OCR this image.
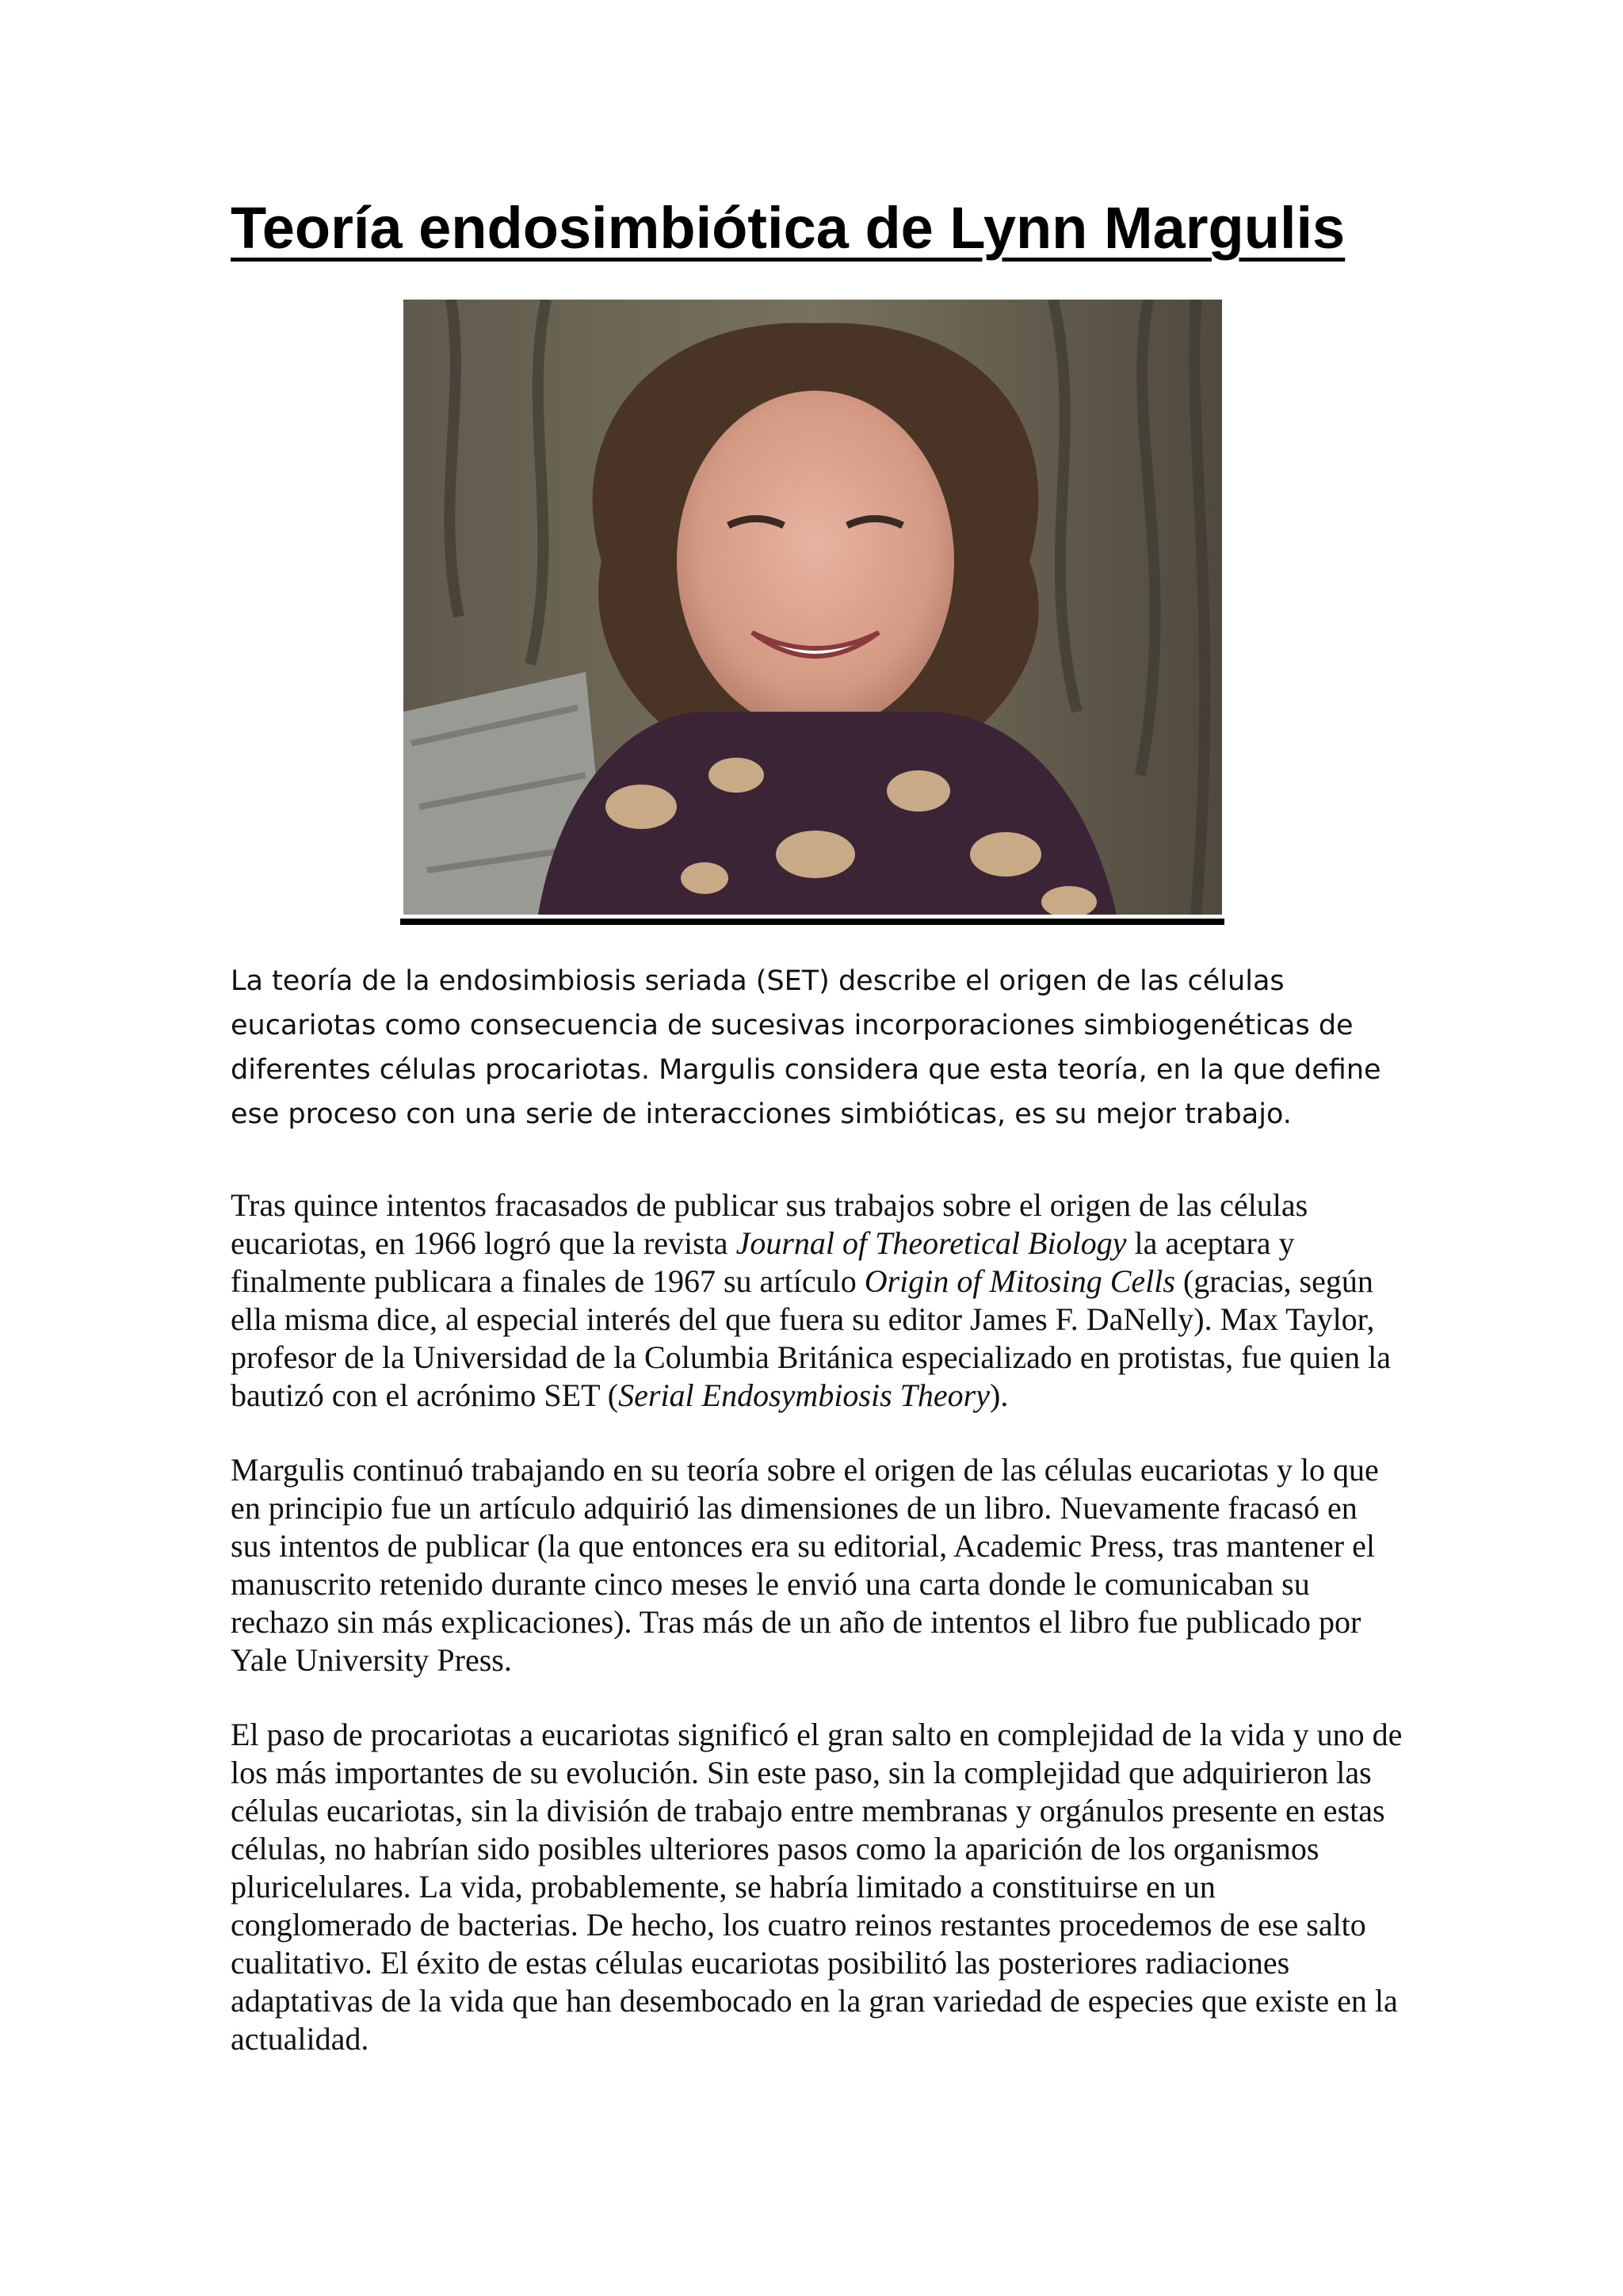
Teoría endosimbiótica de Lynn Margulis

La teoría de la endosimbiosis seriada (SET) describe el origen de las células eucariotas como consecuencia de sucesivas incorporaciones simbiogenéticas de diferentes células procariotas. Margulis considera que esta teoría, en la que define ese proceso con una serie de interacciones simbióticas, es su mejor trabajo.

Tras quince intentos fracasados de publicar sus trabajos sobre el origen de las células eucariotas, en 1966 logró que la revista Journal of Theoretical Biology la aceptara y finalmente publicara a finales de 1967 su artículo Origin of Mitosing Cells (gracias, según ella misma dice, al especial interés del que fuera su editor James F. DaNelly). Max Taylor, profesor de la Universidad de la Columbia Británica especializado en protistas, fue quien la bautizó con el acrónimo SET (Serial Endosymbiosis Theory).

Margulis continuó trabajando en su teoría sobre el origen de las células eucariotas y lo que en principio fue un artículo adquirió las dimensiones de un libro. Nuevamente fracasó en sus intentos de publicar (la que entonces era su editorial, Academic Press, tras mantener el manuscrito retenido durante cinco meses le envió una carta donde le comunicaban su rechazo sin más explicaciones). Tras más de un año de intentos el libro fue publicado por Yale University Press.

El paso de procariotas a eucariotas significó el gran salto en complejidad de la vida y uno de los más importantes de su evolución. Sin este paso, sin la complejidad que adquirieron las células eucariotas, sin la división de trabajo entre membranas y orgánulos presente en estas células, no habrían sido posibles ulteriores pasos como la aparición de los organismos pluricelulares. La vida, probablemente, se habría limitado a constituirse en un conglomerado de bacterias. De hecho, los cuatro reinos restantes procedemos de ese salto cualitativo. El éxito de estas células eucariotas posibilitó las posteriores radiaciones adaptativas de la vida que han desembocado en la gran variedad de especies que existe en la actualidad.
